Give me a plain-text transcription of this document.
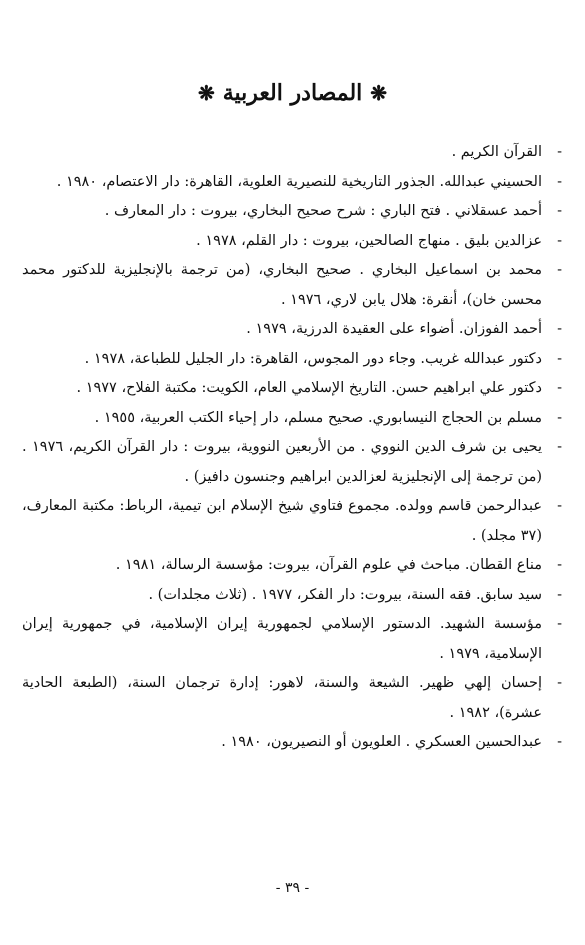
❋المصادر العربية❋
-
القرآن الكريم .
-
الحسيني عبدالله. الجذور التاريخية للنصيرية العلوية، القاهرة: دار الاعتصام، ١٩٨٠ .
-
أحمد عسقلاني . فتح الباري : شرح صحيح البخاري، بيروت : دار المعارف .
-
عزالدين بليق . منهاج الصالحين، بيروت : دار القلم، ١٩٧٨ .
-
محمد بن اسماعيل البخاري . صحيح البخاري، (من ترجمة بالإنجليزية للدكتور محمد محسن خان)، أنقرة: هلال يابن لاري، ١٩٧٦ .
-
أحمد الفوزان. أضواء على العقيدة الدرزية، ١٩٧٩ .
-
دكتور عبدالله غريب. وجاء دور المجوس، القاهرة: دار الجليل للطباعة، ١٩٧٨ .
-
دكتور علي ابراهيم حسن. التاريخ الإسلامي العام، الكويت: مكتبة الفلاح، ١٩٧٧ .
-
مسلم بن الحجاج النيسابوري. صحيح مسلم، دار إحياء الكتب العربية، ١٩٥٥ .
-
يحيى بن شرف الدين النووي . من الأربعين النووية، بيروت : دار القرآن الكريم، ١٩٧٦ . (من ترجمة إلى الإنجليزية لعزالدين ابراهيم وجنسون دافيز) .
-
عبدالرحمن قاسم وولده. مجموع فتاوي شيخ الإسلام ابن تيمية، الرباط: مكتبة المعارف، (٣٧ مجلد) .
-
مناع القطان. مباحث في علوم القرآن، بيروت: مؤسسة الرسالة، ١٩٨١ .
-
سيد سابق. فقه السنة، بيروت: دار الفكر، ١٩٧٧ . (ثلاث مجلدات) .
-
مؤسسة الشهيد. الدستور الإسلامي لجمهورية إيران الإسلامية، في جمهورية إيران الإسلامية، ١٩٧٩ .
-
إحسان إلهي ظهير. الشيعة والسنة، لاهور: إدارة ترجمان السنة، (الطبعة الحادية عشرة)، ١٩٨٢ .
-
عبدالحسين العسكري . العلويون أو النصيريون، ١٩٨٠ .
- ٣٩ -
